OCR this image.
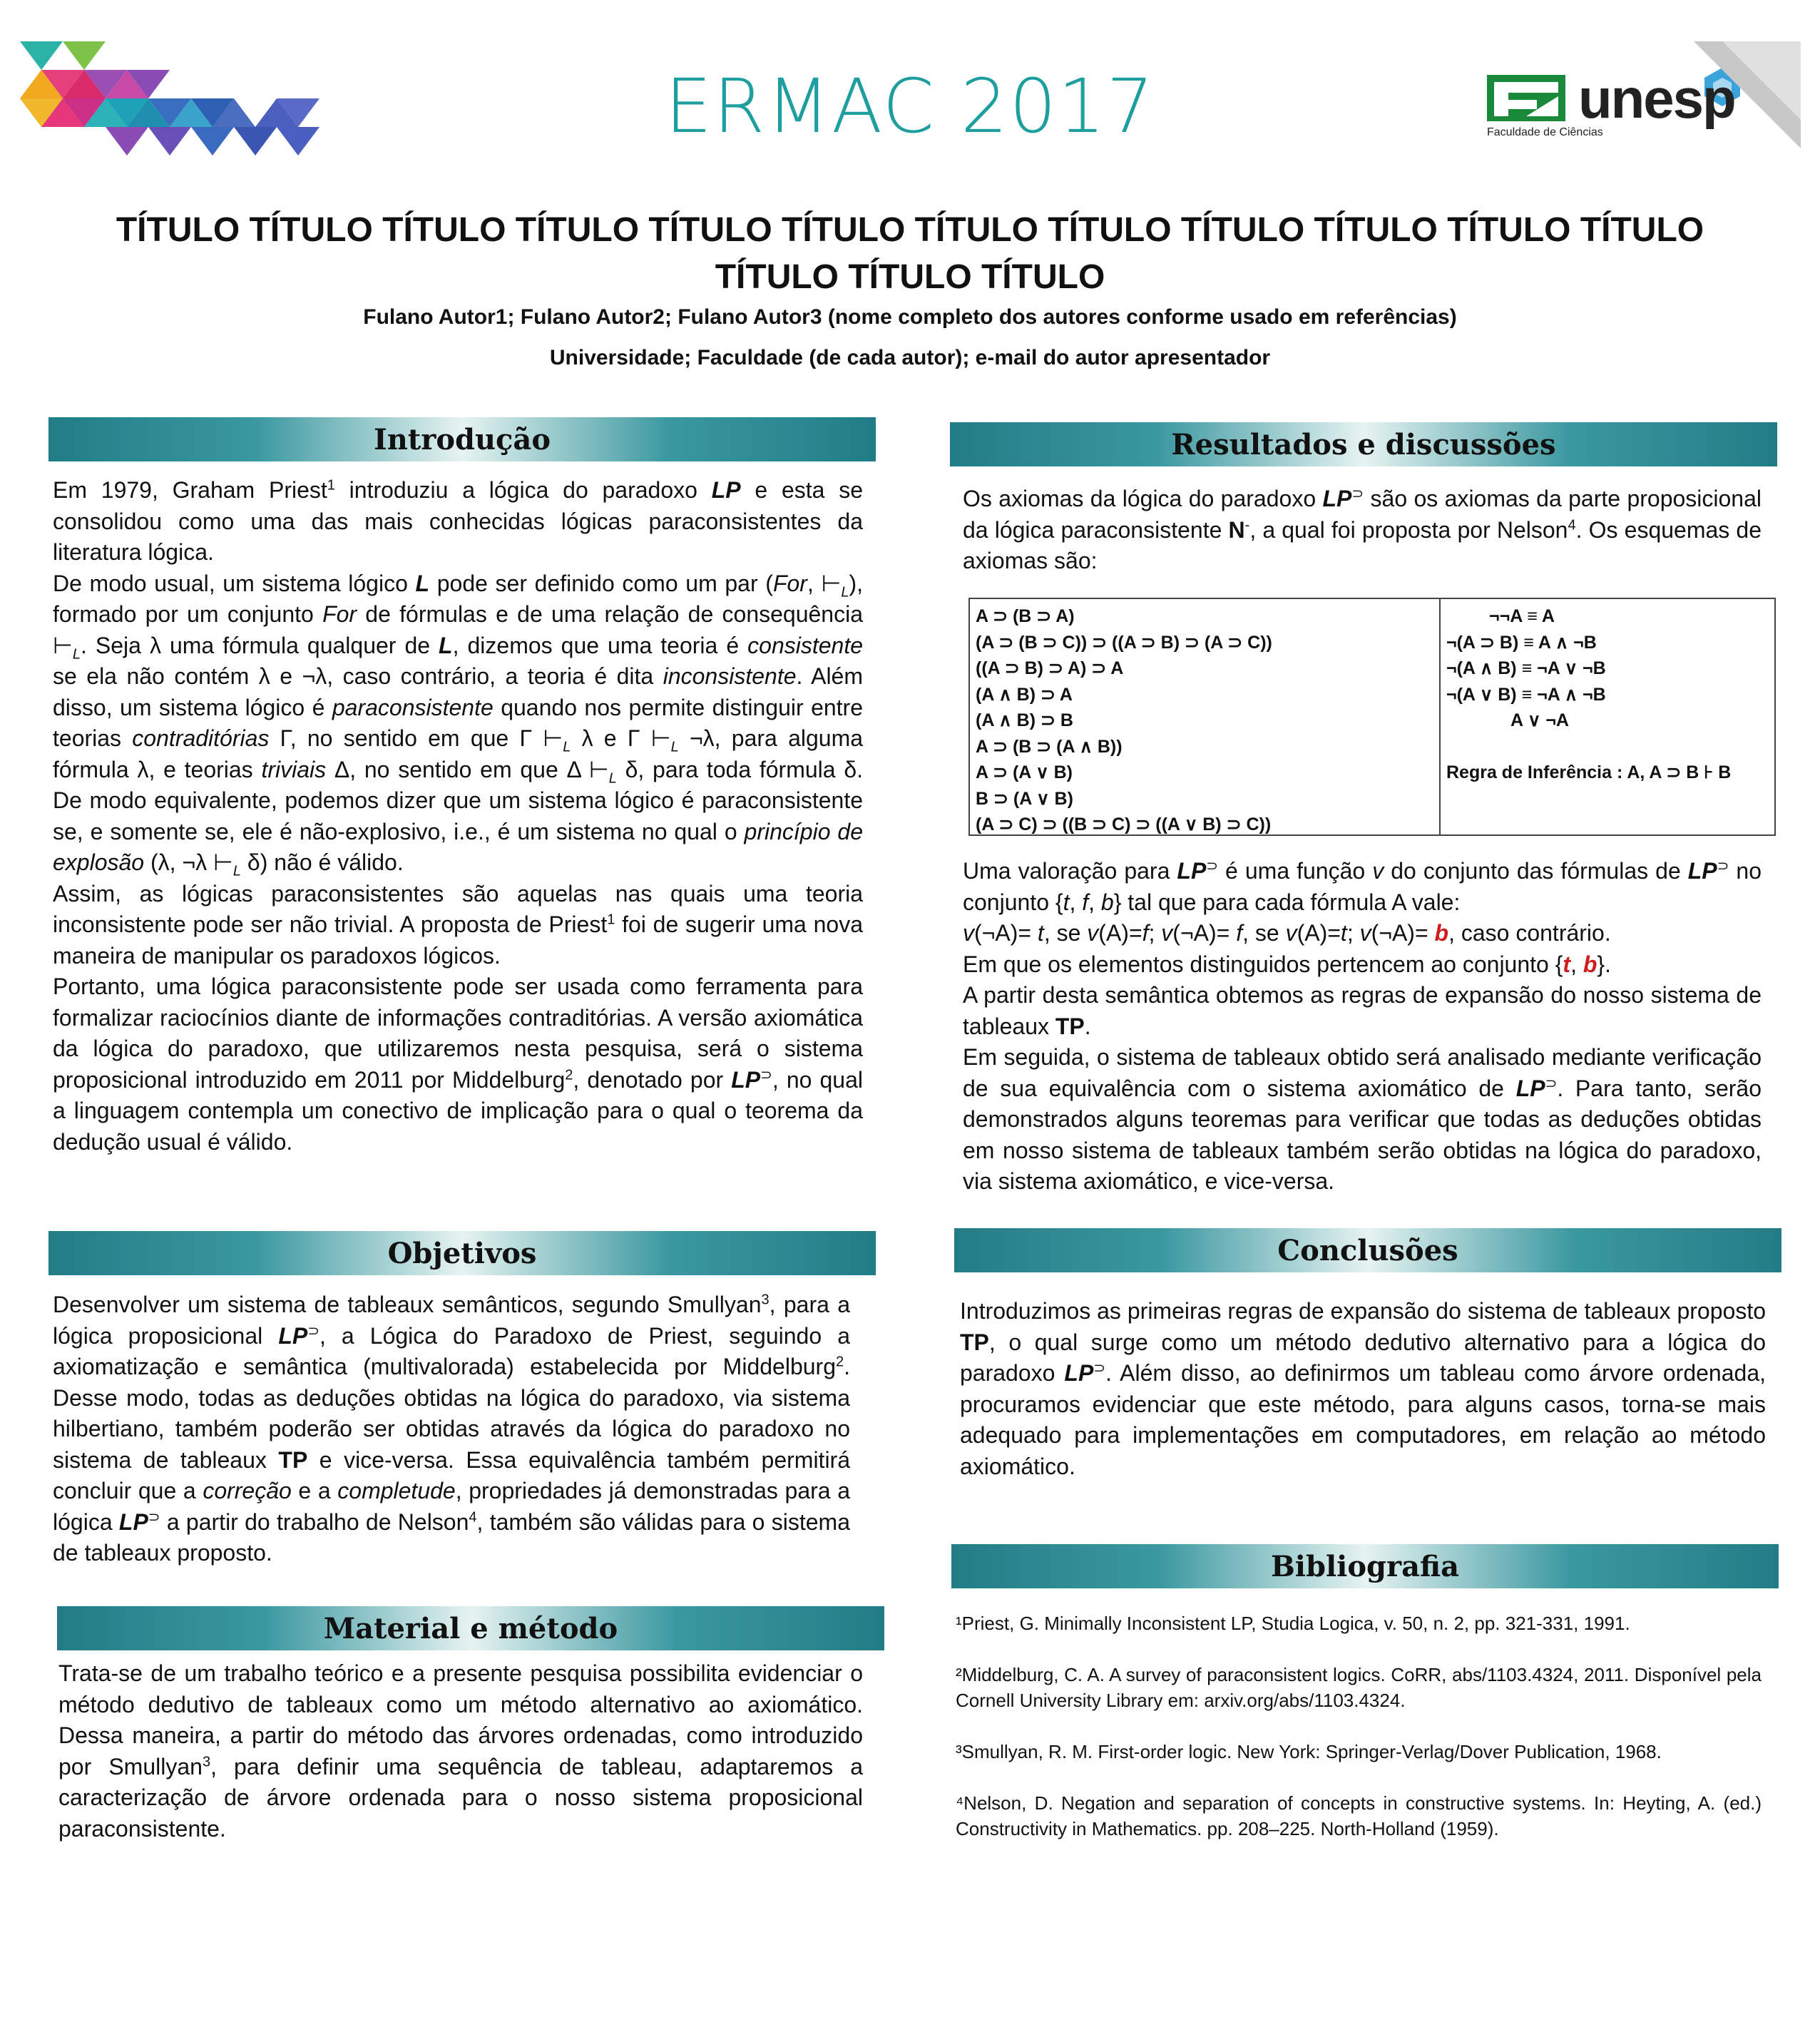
ERMAC 2017	unesp
Faculdade de Ciências
TÍTULO TÍTULO TÍTULO TÍTULO TÍTULO TÍTULO TÍTULO TÍTULO TÍTULO TÍTULO TÍTULO TÍTULO
TÍTULO TÍTULO TÍTULO
Fulano Autor1; Fulano Autor2; Fulano Autor3 (nome completo dos autores conforme usado em referências)
Universidade; Faculdade (de cada autor); e-mail do autor apresentador
Introdução

Em 1979, Graham Priest$^1$ introduziu a lógica do paradoxo LP e esta se consolidou como uma das mais conhecidas lógicas paraconsistentes da literatura lógica.

De modo usual, um sistema lógico L pode ser definido como um par (For, $⊢_L$), formado por um conjunto For de fórmulas e de uma relação de consequência $⊢_L$. Seja λ uma fórmula qualquer de L, dizemos que uma teoria é consistente se ela não contém λ e ¬λ, caso contrário, a teoria é dita inconsistente. Além disso, um sistema lógico é paraconsistente quando nos permite distinguir entre teorias contraditórias Γ, no sentido em que Γ $⊢_L$ λ e Γ $⊢_L$ ¬λ, para alguma fórmula λ, e teorias triviais Δ, no sentido em que Δ $⊢_L$ δ, para toda fórmula δ. De modo equivalente, podemos dizer que um sistema lógico é paraconsistente se, e somente se, ele é não-explosivo, i.e., é um sistema no qual o princípio de explosão (λ, ¬λ $⊢_L$ δ) não é válido.

Assim, as lógicas paraconsistentes são aquelas nas quais uma teoria inconsistente pode ser não trivial. A proposta de Priest$^1$ foi de sugerir uma nova maneira de manipular os paradoxos lógicos.

Portanto, uma lógica paraconsistente pode ser usada como ferramenta para formalizar raciocínios diante de informações contraditórias. A versão axiomática da lógica do paradoxo, que utilizaremos nesta pesquisa, será o sistema proposicional introduzido em 2011 por Middelburg$^2$, denotado por LP⊃, no qual a linguagem contempla um conectivo de implicação para o qual o teorema da dedução usual é válido.

Objetivos

Desenvolver um sistema de tableaux semânticos, segundo Smullyan$^3$, para a lógica proposicional LP⊃, a Lógica do Paradoxo de Priest, seguindo a axiomatização e semântica (multivalorada) estabelecida por Middelburg$^2$. Desse modo, todas as deduções obtidas na lógica do paradoxo, via sistema hilbertiano, também poderão ser obtidas através da lógica do paradoxo no sistema de tableaux TP e vice-versa. Essa equivalência também permitirá concluir que a correção e a completude, propriedades já demonstradas para a lógica LP⊃ a partir do trabalho de Nelson$^4$, também são válidas para o sistema de tableaux proposto.

Material e método

Trata-se de um trabalho teórico e a presente pesquisa possibilita evidenciar o método dedutivo de tableaux como um método alternativo ao axiomático. Dessa maneira, a partir do método das árvores ordenadas, como introduzido por Smullyan$^3$, para definir uma sequência de tableau, adaptaremos a caracterização de árvore ordenada para o nosso sistema proposicional paraconsistente.

Resultados e discussões

Os axiomas da lógica do paradoxo LP⊃ são os axiomas da parte proposicional da lógica paraconsistente N-, a qual foi proposta por Nelson$^4$. Os esquemas de axiomas são:

A ⊃ (B ⊃ A)
(A ⊃ (B ⊃ C)) ⊃ ((A ⊃ B) ⊃ (A ⊃ C))
((A ⊃ B) ⊃ A) ⊃ A
(A ∧ B) ⊃ A
(A ∧ B) ⊃ B
A ⊃ (B ⊃ (A ∧ B))
A ⊃ (A ∨ B)
B ⊃ (A ∨ B)
(A ⊃ C) ⊃ ((B ⊃ C) ⊃ ((A ∨ B) ⊃ C))
¬¬A ≡ A
¬(A ⊃ B) ≡ A ∧ ¬B
¬(A ∧ B) ≡ ¬A ∨ ¬B
¬(A ∨ B) ≡ ¬A ∧ ¬B
A ∨ ¬A
Regra de Inferência : A, A ⊃ B ⊦ B

Uma valoração para LP⊃ é uma função v do conjunto das fórmulas de LP⊃ no conjunto {t, f, b} tal que para cada fórmula A vale:

v(¬A)= t, se v(A)=f; v(¬A)= f, se v(A)=t; v(¬A)= b, caso contrário.

Em que os elementos distinguidos pertencem ao conjunto {t, b}.

A partir desta semântica obtemos as regras de expansão do nosso sistema de tableaux TP.

Em seguida, o sistema de tableaux obtido será analisado mediante verificação de sua equivalência com o sistema axiomático de LP⊃. Para tanto, serão demonstrados alguns teoremas para verificar que todas as deduções obtidas em nosso sistema de tableaux também serão obtidas na lógica do paradoxo, via sistema axiomático, e vice-versa.

Conclusões

Introduzimos as primeiras regras de expansão do sistema de tableaux proposto TP, o qual surge como um método dedutivo alternativo para a lógica do paradoxo LP⊃. Além disso, ao definirmos um tableau como árvore ordenada, procuramos evidenciar que este método, para alguns casos, torna-se mais adequado para implementações em computadores, em relação ao método axiomático.

Bibliografia

¹Priest, G. Minimally Inconsistent LP, Studia Logica, v. 50, n. 2, pp. 321-331, 1991.

²Middelburg, C. A. A survey of paraconsistent logics. CoRR, abs/1103.4324, 2011. Disponível pela Cornell University Library em: arxiv.org/abs/1103.4324.

³Smullyan, R. M. First-order logic. New York: Springer-Verlag/Dover Publication, 1968.

⁴Nelson, D. Negation and separation of concepts in constructive systems. In: Heyting, A. (ed.) Constructivity in Mathematics. pp. 208–225. North-Holland (1959).
